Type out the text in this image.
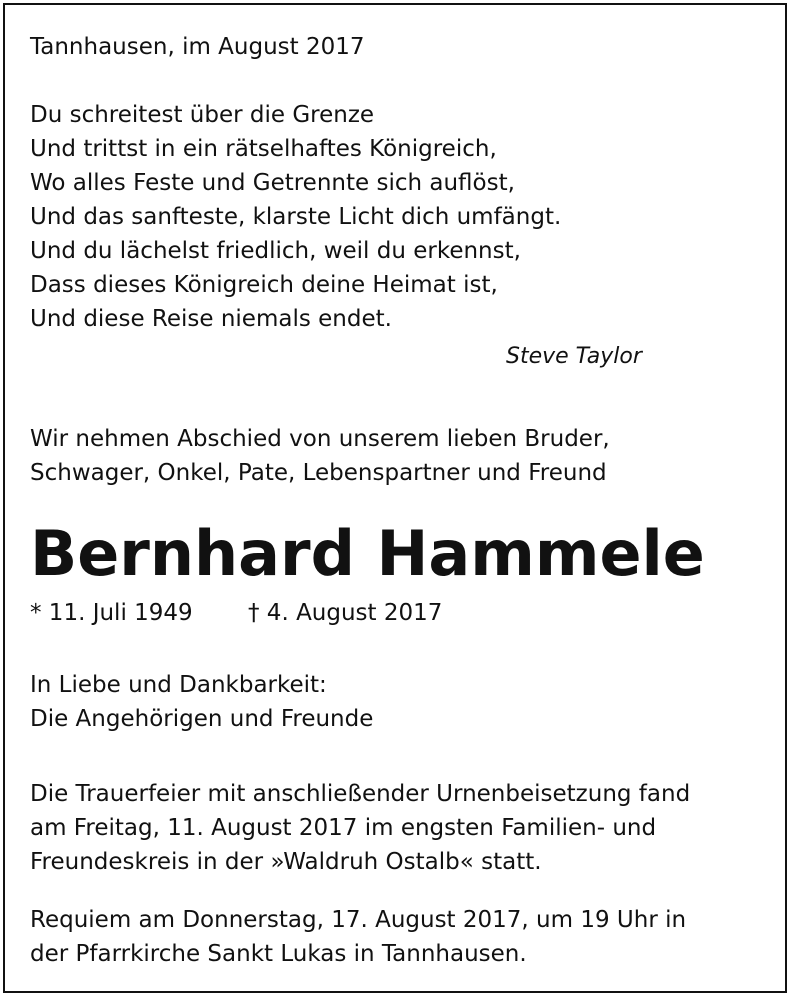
Tannhausen, im August 2017
Du schreitest über die Grenze
Und trittst in ein rätselhaftes Königreich,
Wo alles Feste und Getrennte sich auflöst,
Und das sanfteste, klarste Licht dich umfängt.
Und du lächelst friedlich, weil du erkennst,
Dass dieses Königreich deine Heimat ist,
Und diese Reise niemals endet.
Steve Taylor
Wir nehmen Abschied von unserem lieben Bruder,
Schwager, Onkel, Pate, Lebenspartner und Freund
Bernhard Hammele
* 11. Juli 1949 † 4. August 2017
In Liebe und Dankbarkeit:
Die Angehörigen und Freunde
Die Trauerfeier mit anschließender Urnenbeisetzung fand
am Freitag, 11. August 2017 im engsten Familien- und
Freundeskreis in der »Waldruh Ostalb« statt.
Requiem am Donnerstag, 17. August 2017, um 19 Uhr in
der Pfarrkirche Sankt Lukas in Tannhausen.
